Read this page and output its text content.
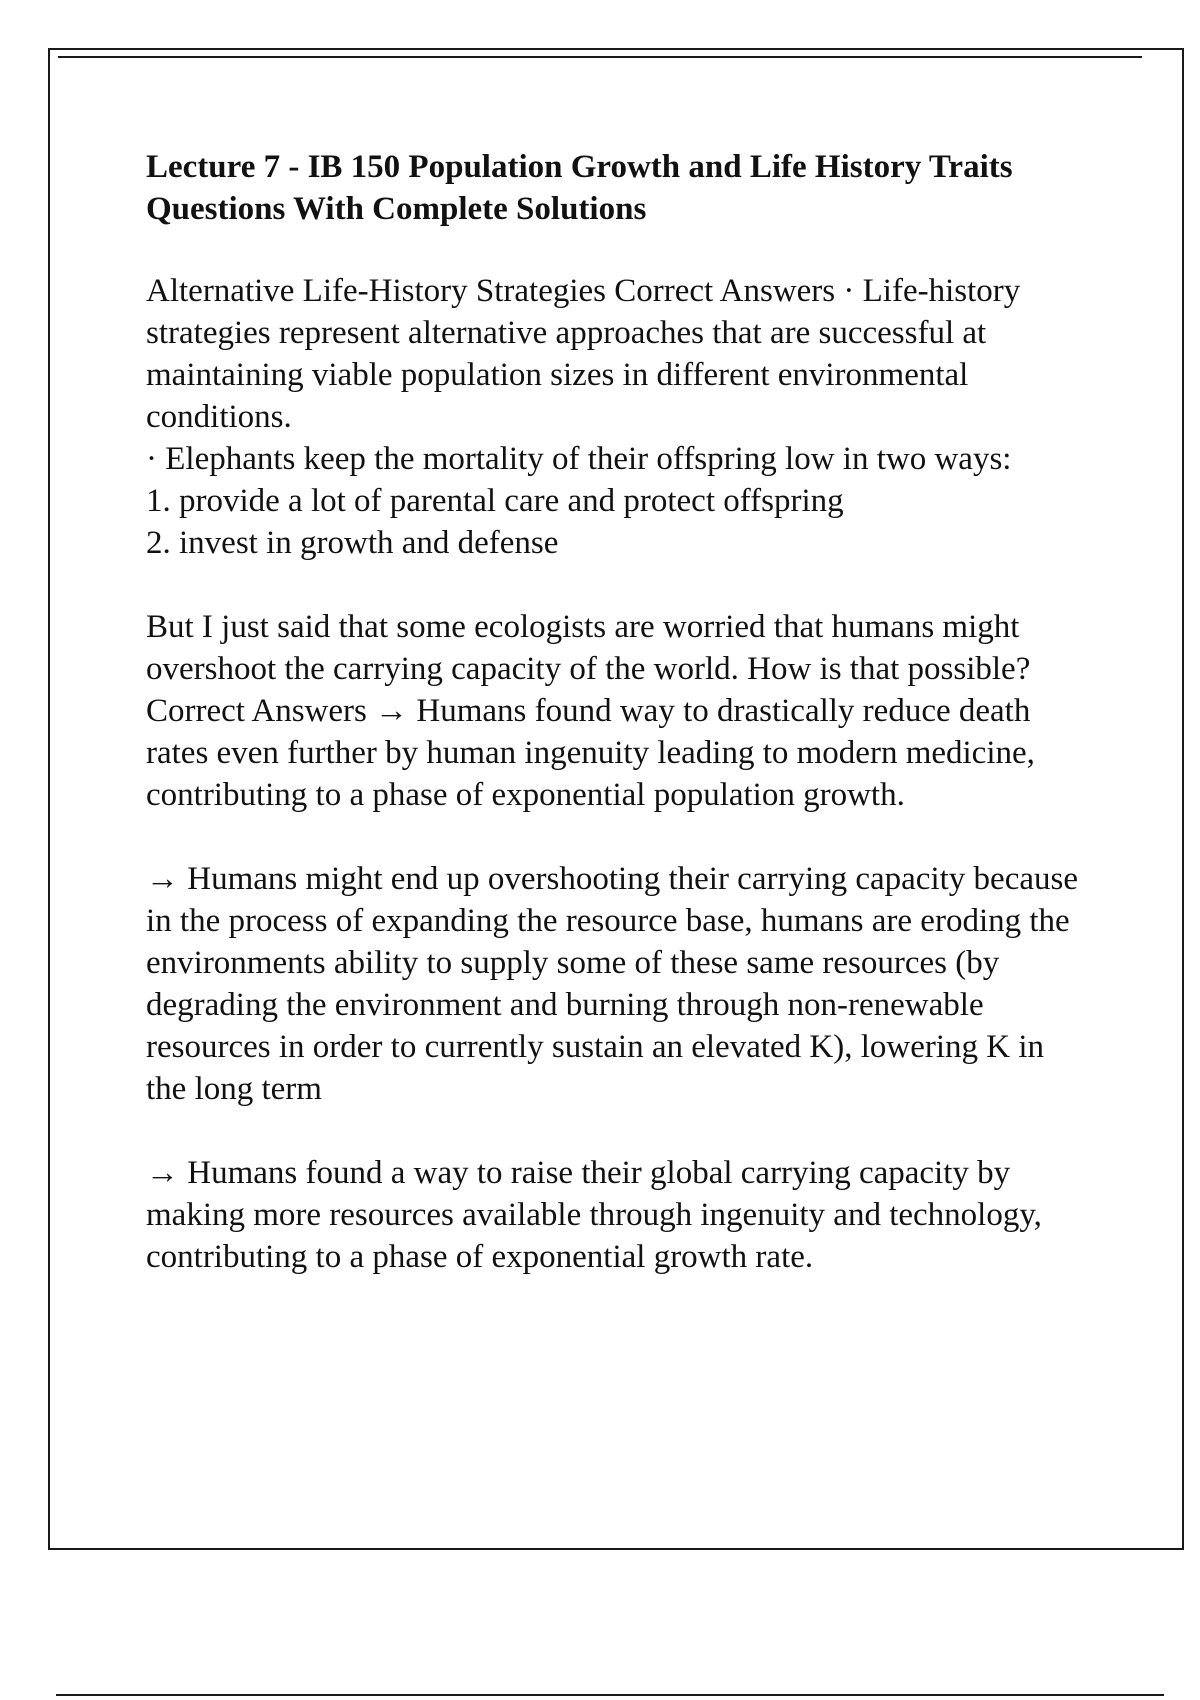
Lecture 7 - IB 150 Population Growth and Life History Traits Questions With Complete Solutions
Alternative Life-History Strategies Correct Answers · Life-history strategies represent alternative approaches that are successful at maintaining viable population sizes in different environmental conditions.
· Elephants keep the mortality of their offspring low in two ways:
1. provide a lot of parental care and protect offspring
2. invest in growth and defense
But I just said that some ecologists are worried that humans might overshoot the carrying capacity of the world. How is that possible? Correct Answers → Humans found way to drastically reduce death rates even further by human ingenuity leading to modern medicine, contributing to a phase of exponential population growth.
→ Humans might end up overshooting their carrying capacity because in the process of expanding the resource base, humans are eroding the environments ability to supply some of these same resources (by degrading the environment and burning through non-renewable resources in order to currently sustain an elevated K), lowering K in the long term
→ Humans found a way to raise their global carrying capacity by making more resources available through ingenuity and technology, contributing to a phase of exponential growth rate.
